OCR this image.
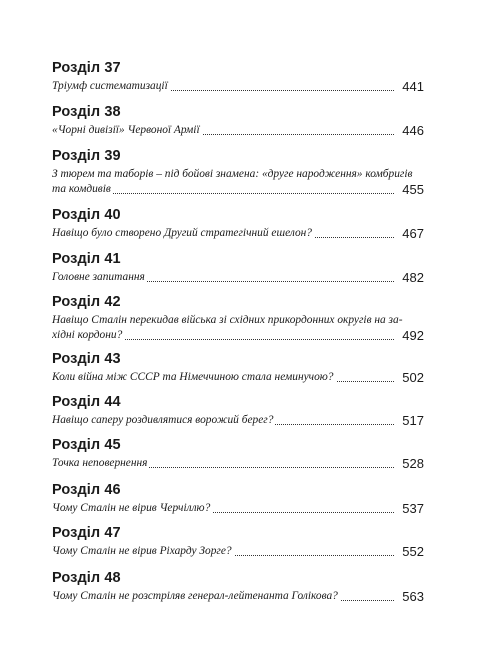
Розділ 37
Тріумф систематизації	441
Розділ 38
«Чорні дивізії» Червоної Армії	446
Розділ 39
З тюрем та таборів – під бойові знамена: «друге народження» комбригів
та комдивів	455
Розділ 40
Навіщо було створено Другий стратегічний ешелон?	467
Розділ 41
Головне запитання	482
Розділ 42
Навіщо Сталін перекидав війська зі східних прикордонних округів на за-
хідні кордони?	492
Розділ 43
Коли війна між СССР та Німеччиною стала неминучою?	502
Розділ 44
Навіщо саперу роздивлятися ворожий берег?	517
Розділ 45
Точка неповернення	528
Розділ 46
Чому Сталін не вірив Черчіллю?	537
Розділ 47
Чому Сталін не вірив Ріхарду Зорге?	552
Розділ 48
Чому Сталін не розстріляв генерал-лейтенанта Голікова?	563
